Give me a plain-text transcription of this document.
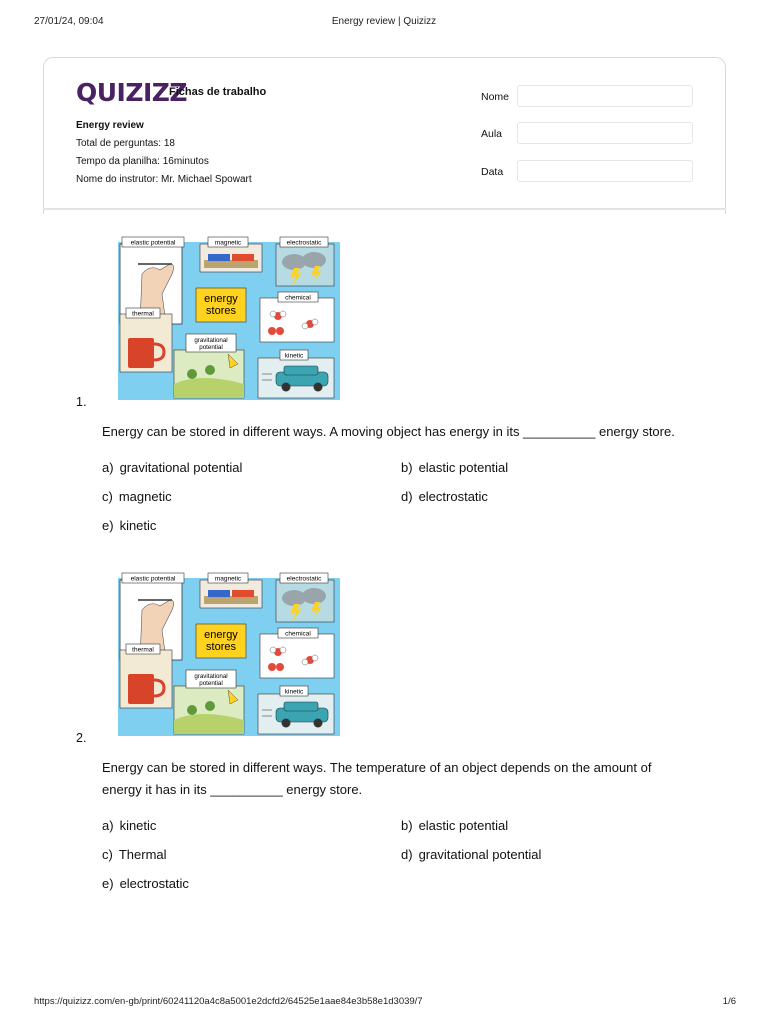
27/01/24, 09:04	Energy review | Quizizz
QUIZIZZ
Fichas de trabalho
Energy review
Total de perguntas: 18
Tempo da planilha: 16minutos
Nome do instrutor: Mr. Michael Spowart
Nome
Aula
Data
elastic potential	magnetic	electrostatic
energy
stores
chemical
thermal
gravitational
potential
kinetic
1.
Energy can be stored in different ways. A moving object has energy in its __________ energy store.
a) gravitational potential	b) elastic potential
c) magnetic	d) electrostatic
e) kinetic
elastic potential	magnetic	electrostatic
energy
stores
chemical
thermal
gravitational
potential
kinetic
2.
Energy can be stored in different ways. The temperature of an object depends on the amount of energy it has in its __________ energy store.
a) kinetic	b) elastic potential
c) Thermal	d) gravitational potential
e) electrostatic
https://quizizz.com/en-gb/print/60241120a4c8a5001e2dcfd2/64525e1aae84e3b58e1d3039/7	1/6
